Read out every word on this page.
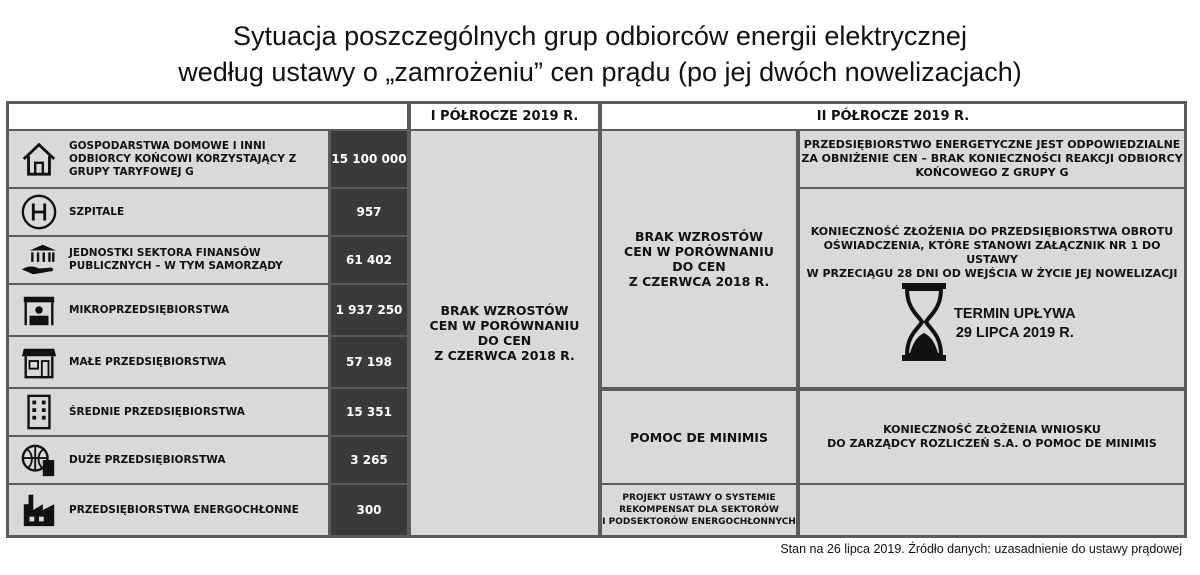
Sytuacja poszczególnych grup odbiorców energii elektrycznej
według ustawy o „zamrożeniu” cen prądu (po jej dwóch nowelizacjach)
I PÓŁROCZE 2019 R.	II PÓŁROCZE 2019 R.
GOSPODARSTWA DOMOWE I INNI ODBIORCY KOŃCOWI KORZYSTAJĄCY Z GRUPY TARYFOWEJ G
SZPITALE
JEDNOSTKI SEKTORA FINANSÓW PUBLICZNYCH – W TYM SAMORZĄDY
MIKROPRZEDSIĘBIORSTWA
MAŁE PRZEDSIĘBIORSTWA
ŚREDNIE PRZEDSIĘBIORSTWA
DUŻE PRZEDSIĘBIORSTWA
PRZEDSIĘBIORSTWA ENERGOCHŁONNE
15 100 000
957
61 402
1 937 250
57 198
15 351
3 265
300
BRAK WZROSTÓW
CEN W PORÓWNANIU
DO CEN
Z CZERWCA 2018 R.
BRAK WZROSTÓW
CEN W PORÓWNANIU
DO CEN
Z CZERWCA 2018 R.
POMOC DE MINIMIS
PROJEKT USTAWY O SYSTEMIE
REKOMPENSAT DLA SEKTORÓW
I PODSEKTORÓW ENERGOCHŁONNYCH
PRZEDSIĘBIORSTWO ENERGETYCZNE JEST ODPOWIEDZIALNE
ZA OBNIŻENIE CEN – BRAK KONIECZNOŚCI REAKCJI ODBIORCY
KOŃCOWEGO Z GRUPY G
KONIECZNOŚĆ ZŁOŻENIA DO PRZEDSIĘBIORSTWA OBROTU
OŚWIADCZENIA, KTÓRE STANOWI ZAŁĄCZNIK NR 1 DO USTAWY
W PRZECIĄGU 28 DNI OD WEJŚCIA W ŻYCIE JEJ NOWELIZACJI
TERMIN UPŁYWA
29 LIPCA 2019 R.
KONIECZNOŚĆ ZŁOŻENIA WNIOSKU
DO ZARZĄDCY ROZLICZEŃ S.A. O POMOC DE MINIMIS
Stan na 26 lipca 2019. Źródło danych: uzasadnienie do ustawy prądowej
